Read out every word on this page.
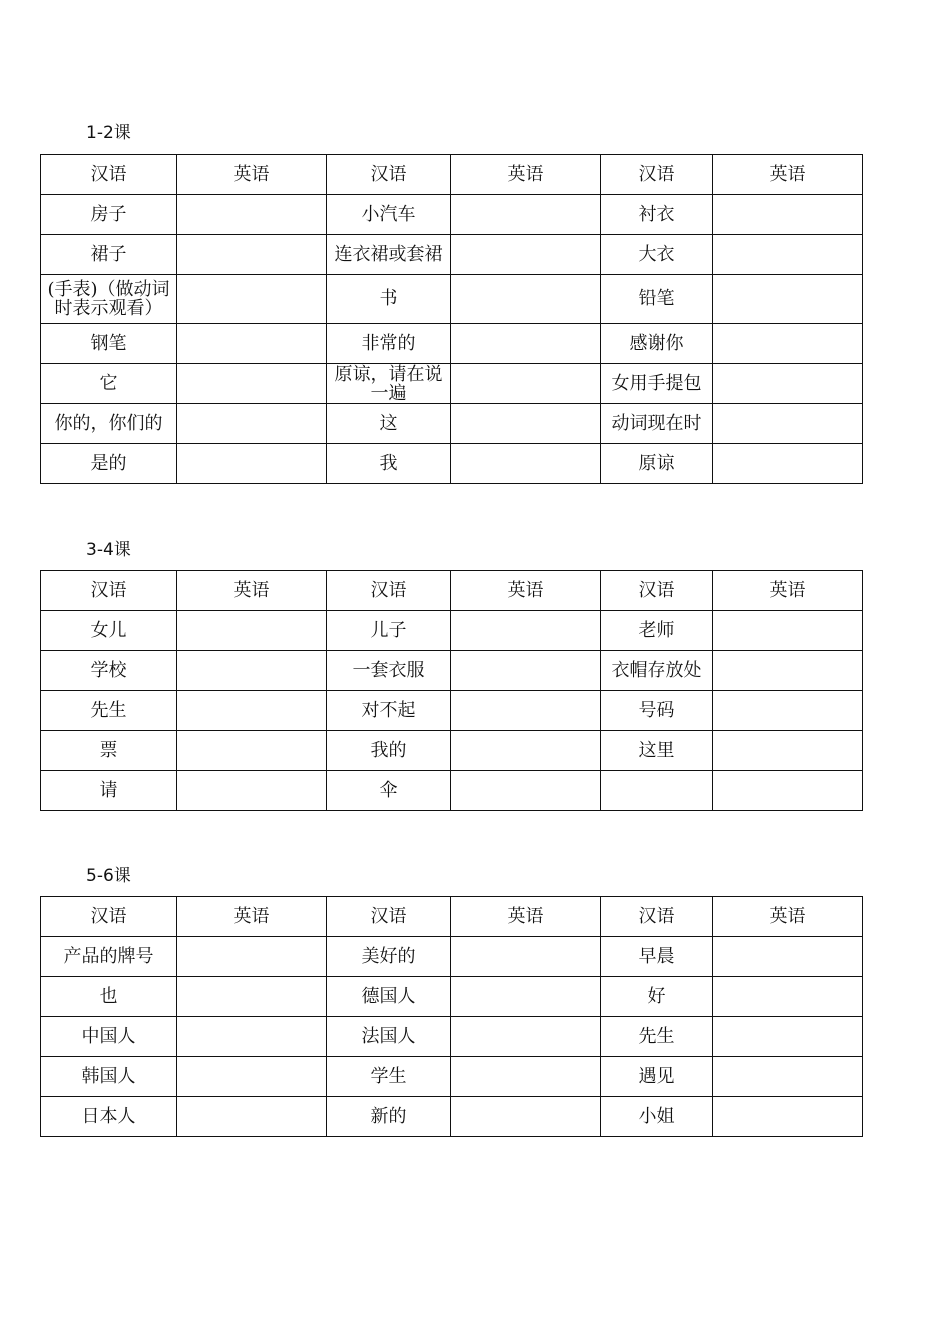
1-2课
汉语	英语	汉语	英语	汉语	英语
房子		小汽车		衬衣	
裙子		连衣裙或套裙		大衣	

(手表)（做动词时表示观看）		书		铅笔	
钢笔		非常的		感谢你	
它		原谅，请在说一遍		女用手提包	
你的，你们的		这		动词现在时	
是的		我		原谅	
3-4课
汉语	英语	汉语	英语	汉语	英语
女儿		儿子		老师	
学校		一套衣服		衣帽存放处	
先生		对不起		号码	
票		我的		这里	
请		伞			
5-6课
汉语	英语	汉语	英语	汉语	英语
产品的牌号		美好的		早晨	
也		德国人		好	
中国人		法国人		先生	
韩国人		学生		遇见	
日本人		新的		小姐	
